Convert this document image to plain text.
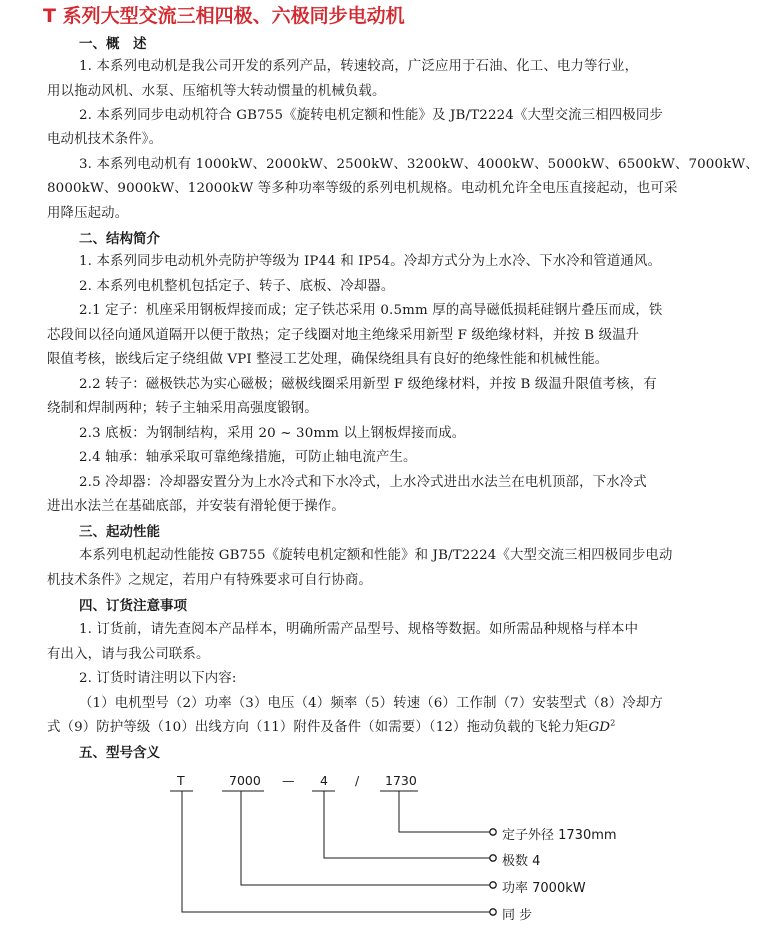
T 系列大型交流三相四极、六极同步电动机
一、概　述
1. 本系列电动机是我公司开发的系列产品，转速较高，广泛应用于石油、化工、电力等行业，
用以拖动风机、水泵、压缩机等大转动惯量的机械负载。
2. 本系列同步电动机符合 GB755《旋转电机定额和性能》及 JB/T2224《大型交流三相四极同步
电动机技术条件》。
3. 本系列电动机有 1000kW、2000kW、2500kW、3200kW、4000kW、5000kW、6500kW、7000kW、
8000kW、9000kW、12000kW 等多种功率等级的系列电机规格。电动机允许全电压直接起动，也可采
用降压起动。
二、结构简介
1. 本系列同步电动机外壳防护等级为 IP44 和 IP54。冷却方式分为上水冷、下水冷和管道通风。
2. 本系列电机整机包括定子、转子、底板、冷却器。
2.1 定子：机座采用钢板焊接而成；定子铁芯采用 0.5mm 厚的高导磁低损耗硅钢片叠压而成，铁
芯段间以径向通风道隔开以便于散热；定子线圈对地主绝缘采用新型 F 级绝缘材料，并按 B 级温升
限值考核，嵌线后定子绕组做 VPI 整浸工艺处理，确保绕组具有良好的绝缘性能和机械性能。
2.2 转子：磁极铁芯为实心磁极；磁极线圈采用新型 F 级绝缘材料，并按 B 级温升限值考核，有
绕制和焊制两种；转子主轴采用高强度锻钢。
2.3 底板：为钢制结构，采用 20 ~ 30mm 以上钢板焊接而成。
2.4 轴承：轴承采取可靠绝缘措施，可防止轴电流产生。
2.5 冷却器：冷却器安置分为上水冷式和下水冷式，上水冷式进出水法兰在电机顶部，下水冷式
进出水法兰在基础底部，并安装有滑轮便于操作。
三、起动性能
本系列电机起动性能按 GB755《旋转电机定额和性能》和 JB/T2224《大型交流三相四极同步电动
机技术条件》之规定，若用户有特殊要求可自行协商。
四、订货注意事项
1. 订货前，请先查阅本产品样本，明确所需产品型号、规格等数据。如所需品种规格与样本中
有出入，请与我公司联系。
2. 订货时请注明以下内容:
（1）电机型号（2）功率（3）电压（4）频率（5）转速（6）工作制（7）安装型式（8）冷却方
式（9）防护等级（10）出线方向（11）附件及备件（如需要）（12）拖动负载的飞轮力矩$GD^2$
五、型号含义
T	7000 — 4 / 1730
定子外径 1730mm
极数 4
功率 7000kW
同 步
